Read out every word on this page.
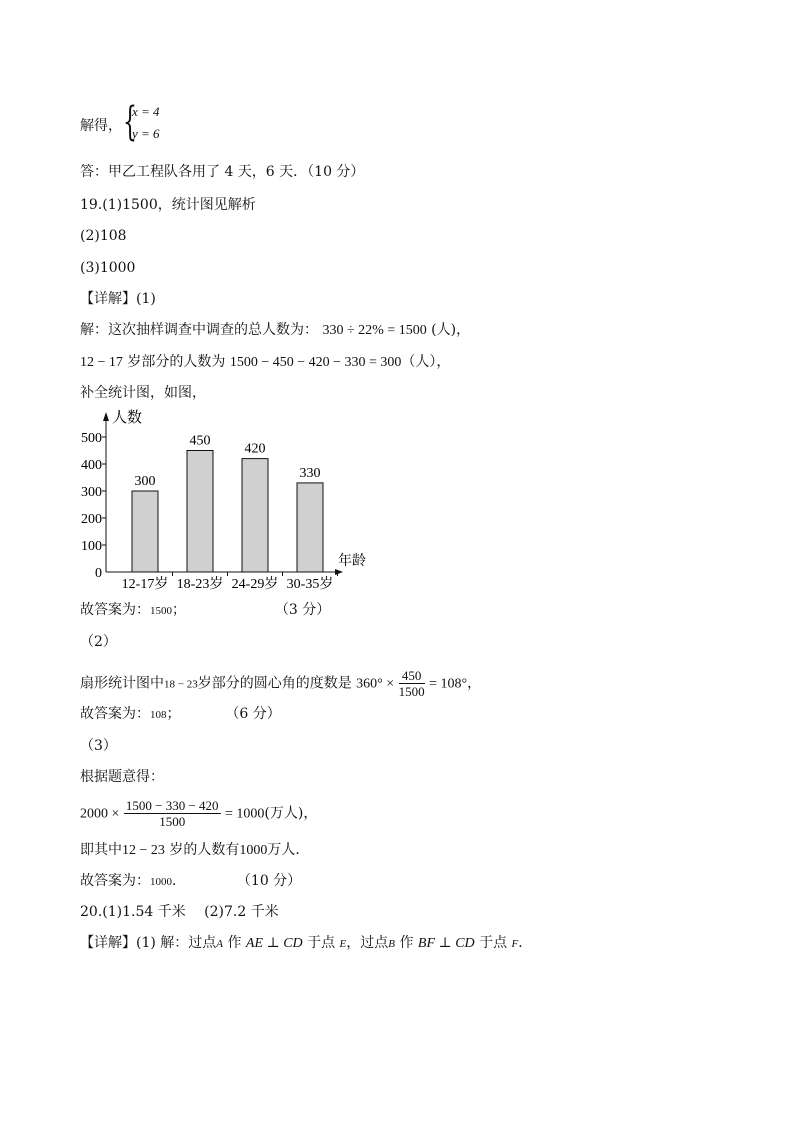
解得， {
x = 4
y = 6
答：甲乙工程队各用了 4 天，6 天．（10 分）
19.(1)1500，统计图见解析
(2)108
(3)1000
【详解】(1)
解：这次抽样调查中调查的总人数为： 330 ÷ 22% = 1500 (人)，
12 − 17 岁部分的人数为 1500 − 450 − 420 − 330 = 300（人），
补全统计图，如图，
人数
年龄
0
100
200
300
400
500
300
12-17岁
450
18-23岁
420
24-29岁
330
30-35岁
故答案为：1500；	（3 分）
（2）
扇形统计图中18 − 23岁部分的圆心角的度数是 $360^\circ \times \frac{450}{1500} = 108^\circ$，
故答案为：108；	（6 分）
（3）
根据题意得：
$2000 \times \frac{1500 - 330 - 420}{1500} = 1000$(万人)，
即其中12 − 23 岁的人数有1000万人．
故答案为：1000．	（10 分）
20.(1)1.54 千米　 (2)7.2 千米
【详解】(1) 解：过点A 作 AE ⊥ CD 于点 E，过点B 作 BF ⊥ CD 于点 F．
